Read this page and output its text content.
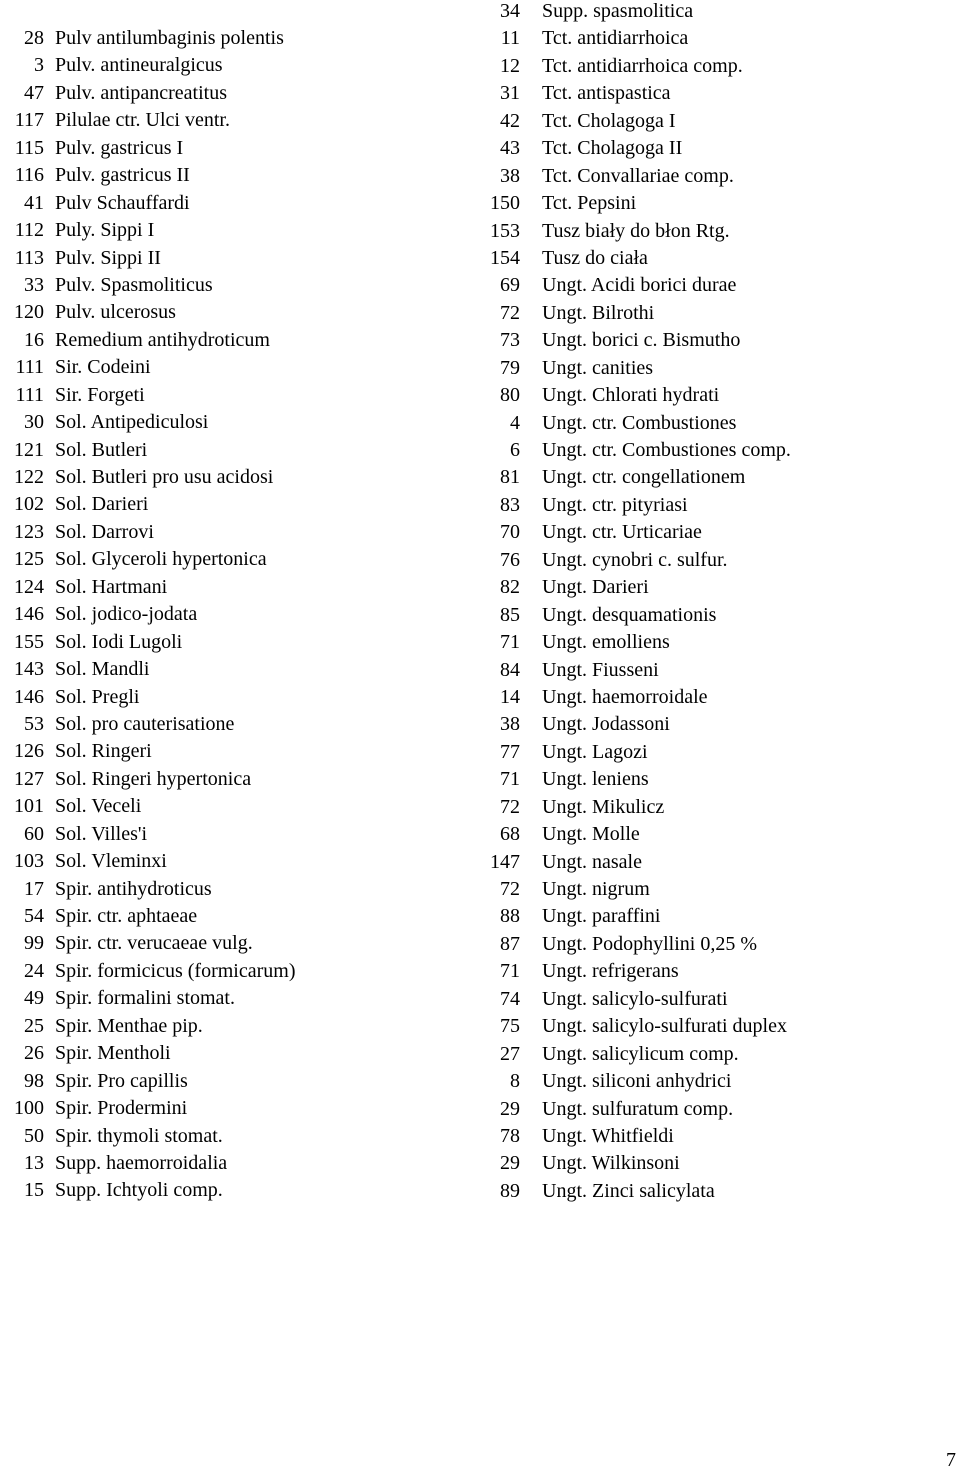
28 Pulv antilumbaginis polentis
3 Pulv. antineuralgicus
47 Pulv. antipancreatitus
117 Pilulae ctr. Ulci ventr.
115 Pulv. gastricus I
116 Pulv. gastricus II
41 Pulv Schauffardi
112 Puly. Sippi I
113 Pulv. Sippi II
33 Pulv. Spasmoliticus
120 Pulv. ulcerosus
16 Remedium antihydroticum
111 Sir. Codeini
111 Sir. Forgeti
30 Sol. Antipediculosi
121 Sol. Butleri
122 Sol. Butleri pro usu acidosi
102 Sol. Darieri
123 Sol. Darrovi
125 Sol. Glyceroli hypertonica
124 Sol. Hartmani
146 Sol. jodico-jodata
155 Sol. Iodi Lugoli
143 Sol. Mandli
146 Sol. Pregli
53 Sol. pro cauterisatione
126 Sol. Ringeri
127 Sol. Ringeri hypertonica
101 Sol. Veceli
60 Sol. Villes'i
103 Sol. Vleminxi
17 Spir. antihydroticus
54 Spir. ctr. aphtaeae
99 Spir. ctr. verucaeae vulg.
24 Spir. formicicus (formicarum)
49 Spir. formalini stomat.
25 Spir. Menthae pip.
26 Spir. Mentholi
98 Spir. Pro capillis
100 Spir. Prodermini
50 Spir. thymoli stomat.
13 Supp. haemorroidalia
15 Supp. Ichtyoli comp.
34 Supp. spasmolitica
11 Tct. antidiarrhoica
12 Tct. antidiarrhoica comp.
31 Tct. antispastica
42 Tct. Cholagoga I
43 Tct. Cholagoga II
38 Tct. Convallariae comp.
150 Tct. Pepsini
153 Tusz biały do błon Rtg.
154 Tusz do ciała
69 Ungt. Acidi borici durae
72 Ungt. Bilrothi
73 Ungt. borici c. Bismutho
79 Ungt. canities
80 Ungt. Chlorati hydrati
4 Ungt. ctr. Combustiones
6 Ungt. ctr. Combustiones comp.
81 Ungt. ctr. congellationem
83 Ungt. ctr. pityriasi
70 Ungt. ctr. Urticariae
76 Ungt. cynobri c. sulfur.
82 Ungt. Darieri
85 Ungt. desquamationis
71 Ungt. emolliens
84 Ungt. Fiusseni
14 Ungt. haemorroidale
38 Ungt. Jodassoni
77 Ungt. Lagozi
71 Ungt. leniens
72 Ungt. Mikulicz
68 Ungt. Molle
147 Ungt. nasale
72 Ungt. nigrum
88 Ungt. paraffini
87 Ungt. Podophyllini 0,25 %
71 Ungt. refrigerans
74 Ungt. salicylo-sulfurati
75 Ungt. salicylo-sulfurati duplex
27 Ungt. salicylicum comp.
8 Ungt. siliconi anhydrici
29 Ungt. sulfuratum comp.
78 Ungt. Whitfieldi
29 Ungt. Wilkinsoni
89 Ungt. Zinci salicylata
7
